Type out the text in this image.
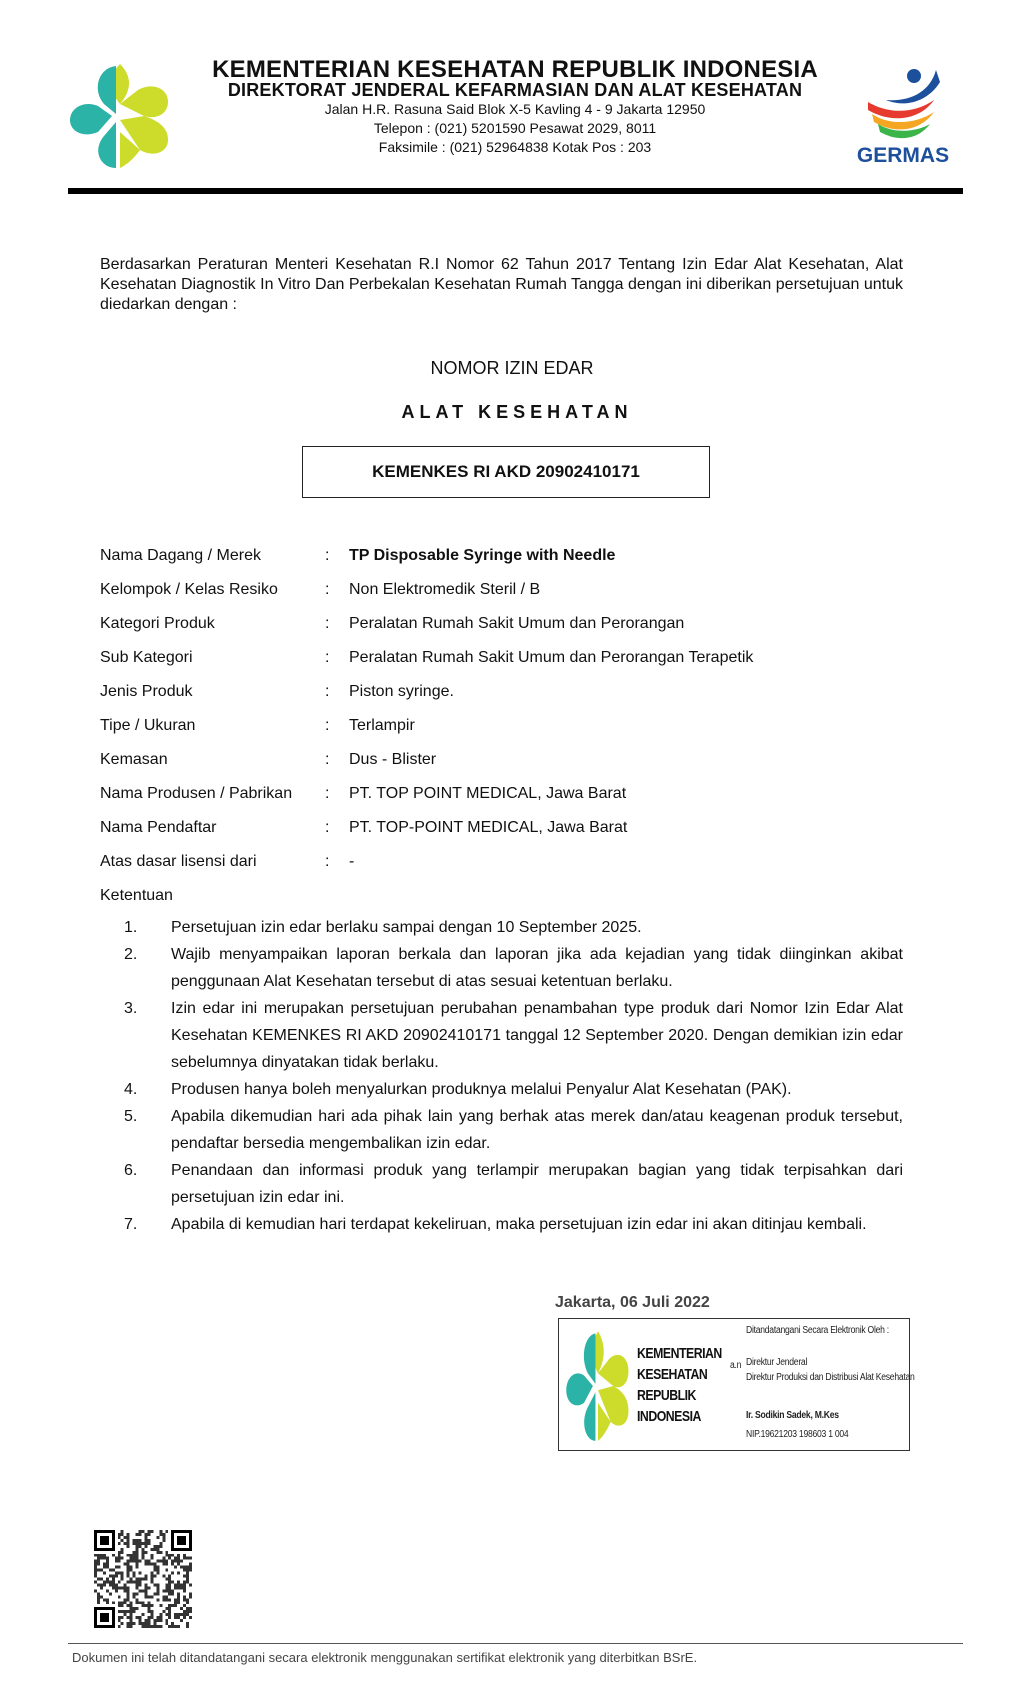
KEMENTERIAN KESEHATAN REPUBLIK INDONESIA
DIREKTORAT JENDERAL KEFARMASIAN DAN ALAT KESEHATAN
Jalan H.R. Rasuna Said Blok X-5 Kavling 4 - 9 Jakarta 12950
Telepon : (021) 5201590 Pesawat 2029, 8011
Faksimile : (021) 52964838 Kotak Pos : 203	GERMAS
Berdasarkan Peraturan Menteri Kesehatan R.I Nomor 62 Tahun 2017 Tentang Izin Edar Alat Kesehatan, Alat Kesehatan Diagnostik In Vitro Dan Perbekalan Kesehatan Rumah Tangga dengan ini diberikan persetujuan untuk diedarkan dengan :
NOMOR IZIN EDAR
ALAT KESEHATAN
KEMENKES RI AKD 20902410171
Nama Dagang / Merek	: TP Disposable Syringe with Needle
Kelompok / Kelas Resiko	: Non Elektromedik Steril / B
Kategori Produk	: Peralatan Rumah Sakit Umum dan Perorangan
Sub Kategori	: Peralatan Rumah Sakit Umum dan Perorangan Terapetik
Jenis Produk	: Piston syringe.
Tipe / Ukuran	: Terlampir
Kemasan	: Dus - Blister
Nama Produsen / Pabrikan : PT. TOP POINT MEDICAL, Jawa Barat
Nama Pendaftar	: PT. TOP-POINT MEDICAL, Jawa Barat
Atas dasar lisensi dari	: -
Ketentuan
1. Persetujuan izin edar berlaku sampai dengan 10 September 2025.
2. Wajib menyampaikan laporan berkala dan laporan jika ada kejadian yang tidak diinginkan akibat penggunaan Alat Kesehatan tersebut di atas sesuai ketentuan berlaku.
3. Izin edar ini merupakan persetujuan perubahan penambahan type produk dari Nomor Izin Edar Alat Kesehatan KEMENKES RI AKD 20902410171 tanggal 12 September 2020. Dengan demikian izin edar sebelumnya dinyatakan tidak berlaku.
4. Produsen hanya boleh menyalurkan produknya melalui Penyalur Alat Kesehatan (PAK).
5. Apabila dikemudian hari ada pihak lain yang berhak atas merek dan/atau keagenan produk tersebut, pendaftar bersedia mengembalikan izin edar.
6. Penandaan dan informasi produk yang terlampir merupakan bagian yang tidak terpisahkan dari persetujuan izin edar ini.
7. Apabila di kemudian hari terdapat kekeliruan, maka persetujuan izin edar ini akan ditinjau kembali.
Jakarta, 06 Juli 2022
KEMENTERIAN
KESEHATAN
REPUBLIK
INDONESIA
Ditandatangani Secara Elektronik Oleh :
a.n Direktur Jenderal
Direktur Produksi dan Distribusi Alat Kesehatan
Ir. Sodikin Sadek, M.Kes
NIP.19621203 198603 1 004
Dokumen ini telah ditandatangani secara elektronik menggunakan sertifikat elektronik yang diterbitkan BSrE.
